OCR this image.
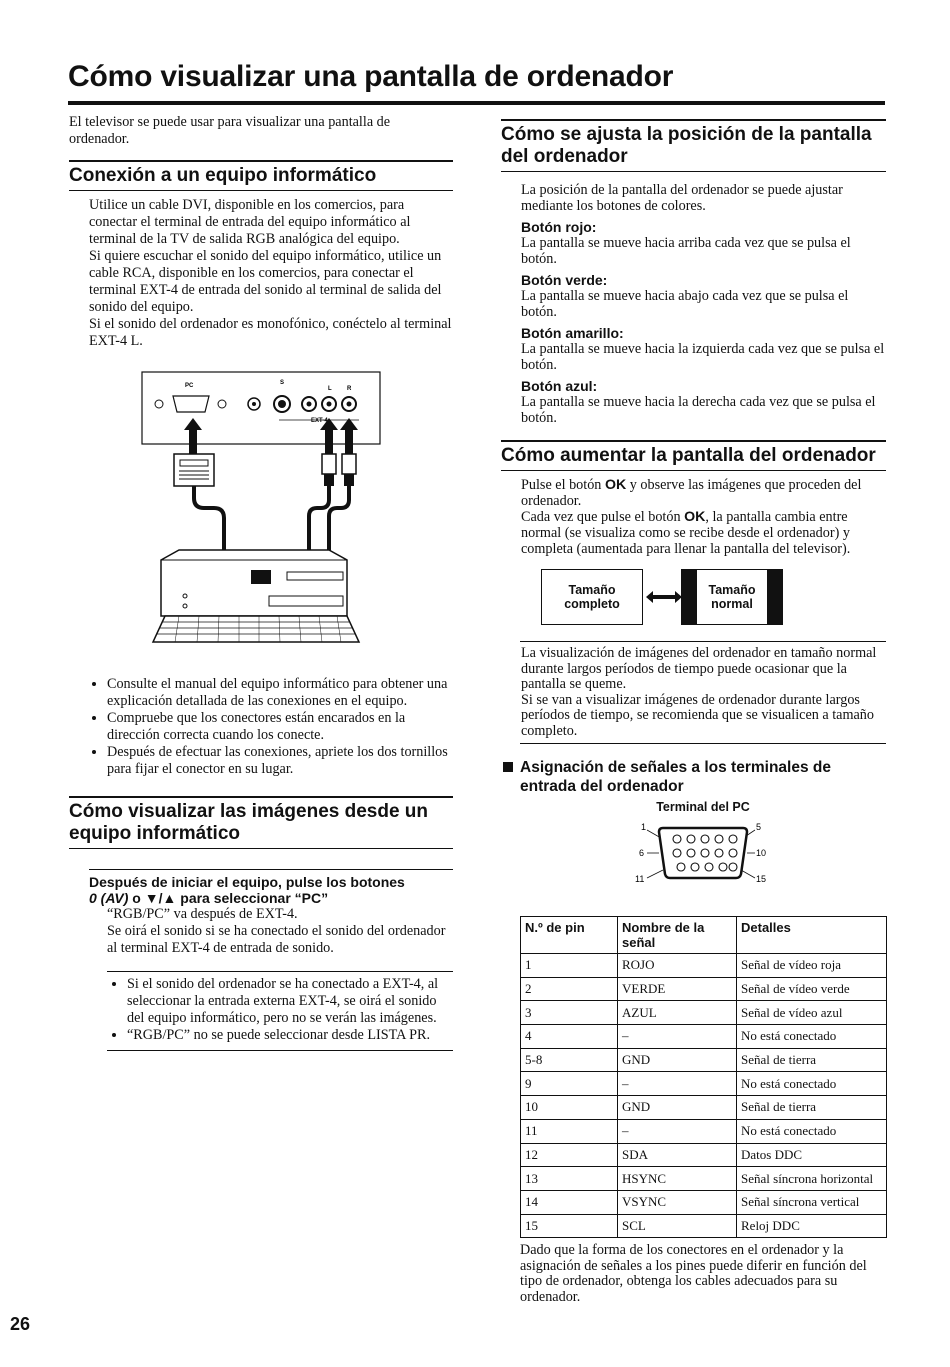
Cómo visualizar una pantalla de ordenador
El televisor se puede usar para visualizar una pantalla de ordenador.
Conexión a un equipo informático
Utilice un cable DVI, disponible en los comercios, para conectar el terminal de entrada del equipo informático al terminal de la TV de salida RGB analógica del equipo.
Si quiere escuchar el sonido del equipo informático, utilice un cable RCA, disponible en los comercios, para conectar el terminal EXT-4 de entrada del sonido al terminal de salida del sonido del equipo.
Si el sonido del ordenador es monofónico, conéctelo al terminal EXT-4 L.
PC	S
L	R
EXT-4
• Consulte el manual del equipo informático para obtener una explicación detallada de las conexiones en el equipo.
• Compruebe que los conectores están encarados en la dirección correcta cuando los conecte.
• Después de efectuar las conexiones, apriete los dos tornillos para fijar el conector en su lugar.
Cómo visualizar las imágenes desde un equipo informático
Después de iniciar el equipo, pulse los botones
0 (AV) o ▼/▲ para seleccionar “PC”
“RGB/PC” va después de EXT-4.
Se oirá el sonido si se ha conectado el sonido del ordenador al terminal EXT-4 de entrada de sonido.
• Si el sonido del ordenador se ha conectado a EXT-4, al seleccionar la entrada externa EXT-4, se oirá el sonido del equipo informático, pero no se verán las imágenes.
• “RGB/PC” no se puede seleccionar desde LISTA PR.
Cómo se ajusta la posición de la pantalla del ordenador
La posición de la pantalla del ordenador se puede ajustar mediante los botones de colores.
Botón rojo:
La pantalla se mueve hacia arriba cada vez que se pulsa el botón.
Botón verde:
La pantalla se mueve hacia abajo cada vez que se pulsa el botón.
Botón amarillo:
La pantalla se mueve hacia la izquierda cada vez que se pulsa el botón.
Botón azul:
La pantalla se mueve hacia la derecha cada vez que se pulsa el botón.
Cómo aumentar la pantalla del ordenador
Pulse el botón OK y observe las imágenes que proceden del ordenador.
Cada vez que pulse el botón OK, la pantalla cambia entre normal (se visualiza como se recibe desde el ordenador) y completa (aumentada para llenar la pantalla del televisor).
Tamaño completo
Tamaño normal
La visualización de imágenes del ordenador en tamaño normal durante largos períodos de tiempo puede ocasionar que la pantalla se queme.
Si se van a visualizar imágenes de ordenador durante largos períodos de tiempo, se recomienda que se visualicen a tamaño completo.
Asignación de señales a los terminales de entrada del ordenador
Terminal del PC
1	5
6	10
11	15
N.º de pin	Nombre de la señal	Detalles
1	ROJO	Señal de vídeo roja
2	VERDE	Señal de vídeo verde
3	AZUL	Señal de vídeo azul
4	–	No está conectado
5-8	GND	Señal de tierra
9	–	No está conectado
10	GND	Señal de tierra
11	–	No está conectado
12	SDA	Datos DDC
13	HSYNC	Señal síncrona horizontal
14	VSYNC	Señal síncrona vertical
15	SCL	Reloj DDC
Dado que la forma de los conectores en el ordenador y la asignación de señales a los pines puede diferir en función del tipo de ordenador, obtenga los cables adecuados para su ordenador.
26
